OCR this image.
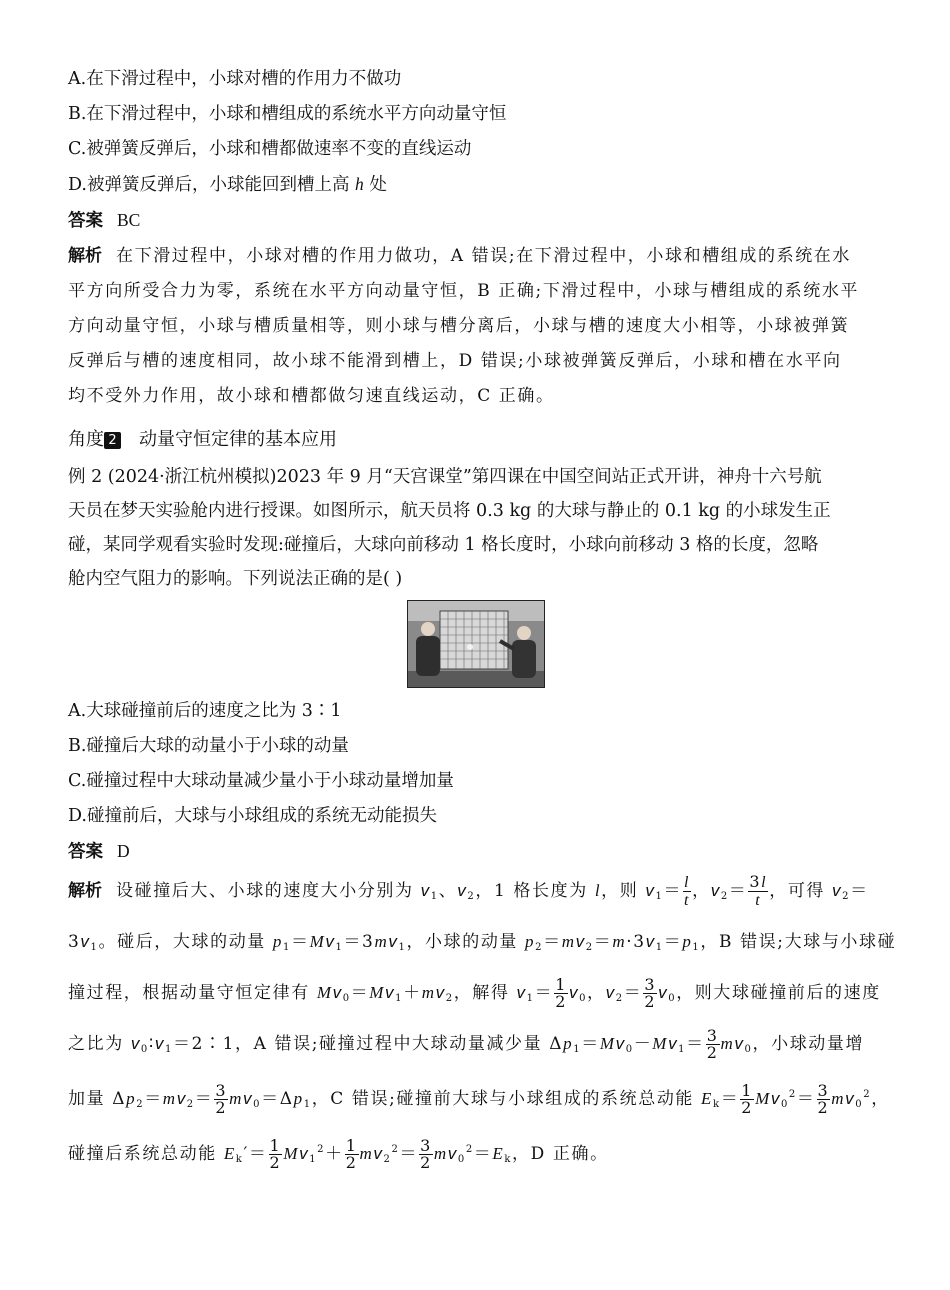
A.在下滑过程中，小球对槽的作用力不做功
B.在下滑过程中，小球和槽组成的系统水平方向动量守恒
C.被弹簧反弹后，小球和槽都做速率不变的直线运动
D.被弹簧反弹后，小球能回到槽上高 h 处
答案 BC
解析 在下滑过程中，小球对槽的作用力做功，A 错误;在下滑过程中，小球和槽组成的系统在水
平方向所受合力为零，系统在水平方向动量守恒，B 正确;下滑过程中，小球与槽组成的系统水平
方向动量守恒，小球与槽质量相等，则小球与槽分离后，小球与槽的速度大小相等，小球被弹簧
反弹后与槽的速度相同，故小球不能滑到槽上，D 错误;小球被弹簧反弹后，小球和槽在水平向
均不受外力作用，故小球和槽都做匀速直线运动，C 正确。
角度 2 动量守恒定律的基本应用
例 2 (2024·浙江杭州模拟)2023 年 9 月“天宫课堂”第四课在中国空间站正式开讲，神舟十六号航
天员在梦天实验舱内进行授课。如图所示，航天员将 0.3 kg 的大球与静止的 0.1 kg 的小球发生正
碰，某同学观看实验时发现:碰撞后，大球向前移动 1 格长度时，小球向前移动 3 格的长度，忽略
舱内空气阻力的影响。下列说法正确的是( )
A.大球碰撞前后的速度之比为 3∶1
B.碰撞后大球的动量小于小球的动量
C.碰撞过程中大球动量减少量小于小球动量增加量
D.碰撞前后，大球与小球组成的系统无动能损失
答案 D
解析 设碰撞后大、小球的速度大小分别为 $v_1$、$v_2$，1 格长度为 l，则 $v_1= \frac{l}{t}$ ，$v_2= \frac{3l}{t}$ ，可得 $v_2=$
$3v_1$。碰后，大球的动量 $p_1=Mv_1=3mv_1$，小球的动量 $p_2=mv_2=m\cdot 3v_1=p_1$，B 错误;大球与小球碰
撞过程，根据动量守恒定律有 $Mv_0=Mv_1+mv_2$，解得 $v_1= \frac{1}{2} v_0$，$v_2= \frac{3}{2} v_0$，则大球碰撞前后的速度
之比为 $v_0∶v_1=2∶1$，A 错误;碰撞过程中大球动量减少量 $\Delta p_1=Mv_0-Mv_1= \frac{3}{2} mv_0$，小球动量增
加量 $\Delta p_2=mv_2= \frac{3}{2} mv_0=\Delta p_1$，C 错误;碰撞前大球与小球组成的系统总动能 $E_k= \frac{1}{2} Mv_0^2= \frac{3}{2} mv_0^2$，
碰撞后系统总动能 $E_k'= \frac{1}{2} Mv_1^2+ \frac{1}{2} mv_2^2= \frac{3}{2} mv_0^2=E_k$，D 正确。
